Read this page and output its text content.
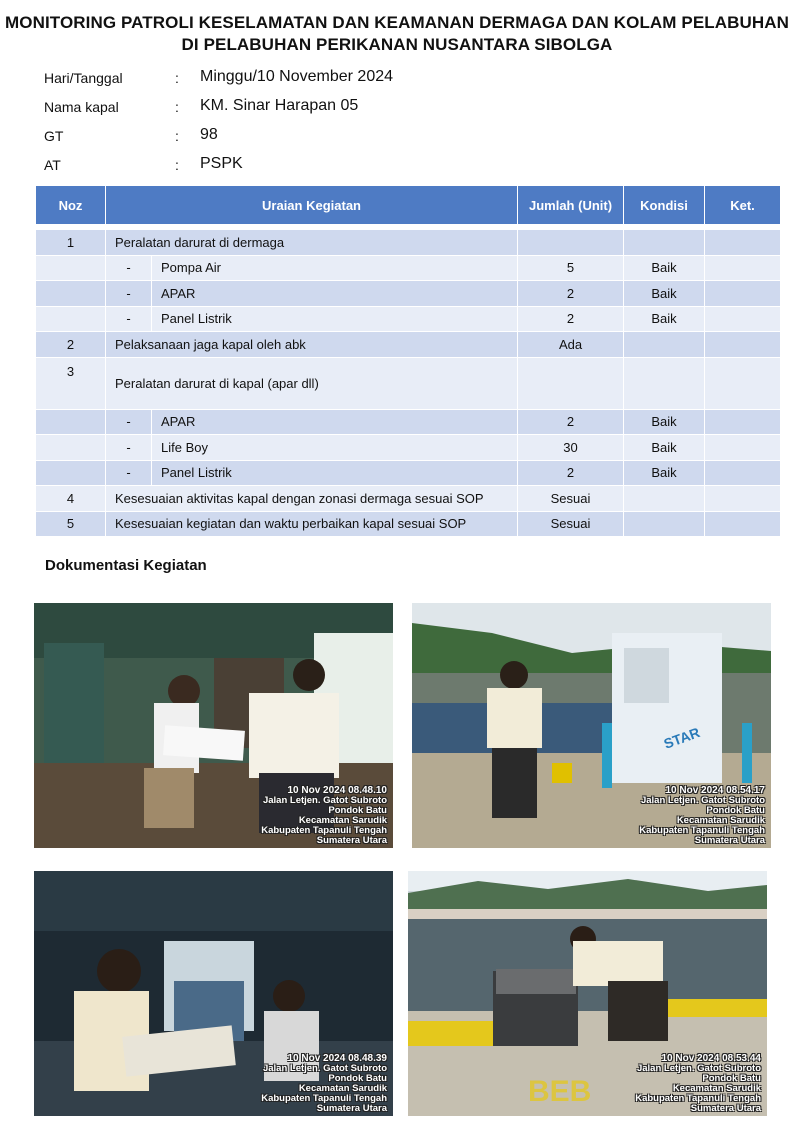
MONITORING PATROLI KESELAMATAN DAN KEAMANAN DERMAGA DAN KOLAM PELABUHAN
DI PELABUHAN PERIKANAN NUSANTARA SIBOLGA
Hari/Tanggal	: Minggu/10 November 2024
Nama kapal	: KM. Sinar Harapan 05
GT	: 98
AT	: PSPK
Noz	Uraian Kegiatan		Jumlah (Unit)	Kondisi	Ket.

1	Peralatan darurat di dermaga				
	-	Pompa Air	5	Baik	
	-	APAR	2	Baik	
	-	Panel Listrik	2	Baik	
2	Pelaksanaan jaga kapal oleh abk		Ada		
3	Peralatan darurat di kapal (apar dll)				
	-	APAR	2	Baik	
	-	Life Boy	30	Baik	
	-	Panel Listrik	2	Baik	
4	Kesesuaian aktivitas kapal dengan zonasi dermaga sesuai SOP		Sesuai		
5	Kesesuaian kegiatan dan waktu perbaikan kapal sesuai SOP		Sesuai		
Dokumentasi Kegiatan
10 Nov 2024 08.48.10
Jalan Letjen. Gatot Subroto
Pondok Batu
Kecamatan Sarudik
Kabupaten Tapanuli Tengah
Sumatera Utara
STAR
10 Nov 2024 08.54.17
Jalan Letjen. Gatot Subroto
Pondok Batu
Kecamatan Sarudik
Kabupaten Tapanuli Tengah
Sumatera Utara
10 Nov 2024 08.48.39
Jalan Letjen. Gatot Subroto
Pondok Batu
Kecamatan Sarudik
Kabupaten Tapanuli Tengah
Sumatera Utara
BEB
10 Nov 2024 08.53.44
Jalan Letjen. Gatot Subroto
Pondok Batu
Kecamatan Sarudik
Kabupaten Tapanuli Tengah
Sumatera Utara
